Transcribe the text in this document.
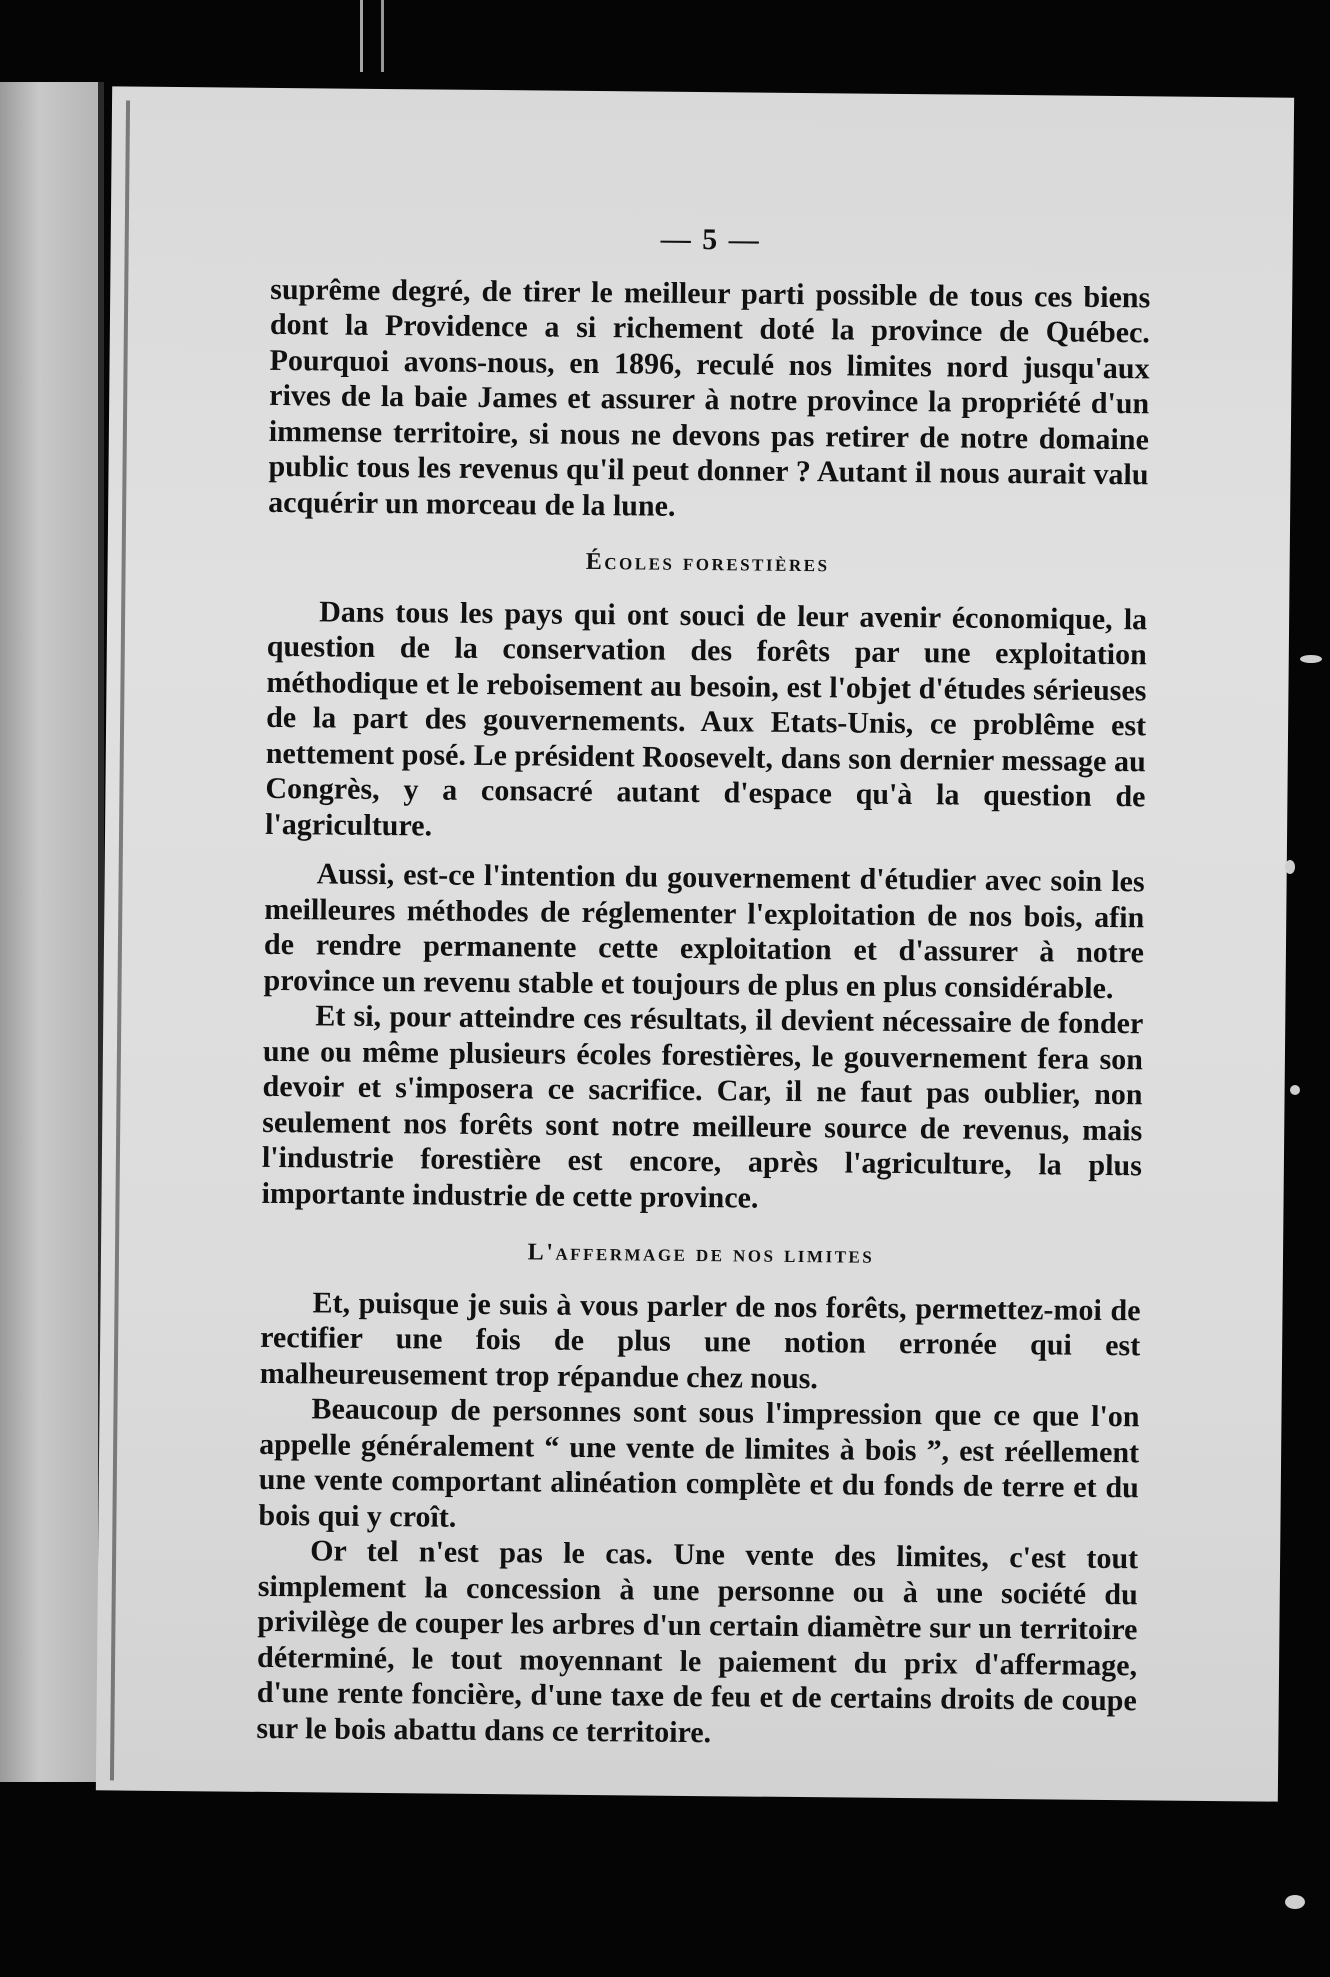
— 5 —

suprême degré, de tirer le meilleur parti possible de tous ces biens dont la Providence a si richement doté la province de Québec. Pourquoi avons-nous, en 1896, reculé nos limites nord jusqu'aux rives de la baie James et assurer à notre province la propriété d'un immense territoire, si nous ne devons pas retirer de notre domaine public tous les revenus qu'il peut donner ? Autant il nous aurait valu acquérir un morceau de la lune.

Écoles forestières

Dans tous les pays qui ont souci de leur avenir économique, la question de la conservation des forêts par une exploitation méthodique et le reboisement au besoin, est l'objet d'études sérieuses de la part des gouvernements. Aux Etats-Unis, ce problême est nettement posé. Le président Roosevelt, dans son dernier message au Congrès, y a consacré autant d'espace qu'à la question de l'agriculture.

Aussi, est-ce l'intention du gouvernement d'étudier avec soin les meilleures méthodes de réglementer l'exploitation de nos bois, afin de rendre permanente cette exploitation et d'assurer à notre province un revenu stable et toujours de plus en plus considérable.

Et si, pour atteindre ces résultats, il devient nécessaire de fonder une ou même plusieurs écoles forestières, le gouvernement fera son devoir et s'imposera ce sacrifice. Car, il ne faut pas oublier, non seulement nos forêts sont notre meilleure source de revenus, mais l'industrie forestière est encore, après l'agriculture, la plus importante industrie de cette province.

L'affermage de nos limites

Et, puisque je suis à vous parler de nos forêts, permettez-moi de rectifier une fois de plus une notion erronée qui est malheureusement trop répandue chez nous.

Beaucoup de personnes sont sous l'impression que ce que l'on appelle généralement “ une vente de limites à bois ”, est réellement une vente comportant alinéation complète et du fonds de terre et du bois qui y croît.

Or tel n'est pas le cas. Une vente des limites, c'est tout simplement la concession à une personne ou à une société du privilège de couper les arbres d'un certain diamètre sur un territoire déterminé, le tout moyennant le paiement du prix d'affermage, d'une rente foncière, d'une taxe de feu et de certains droits de coupe sur le bois abattu dans ce territoire.
